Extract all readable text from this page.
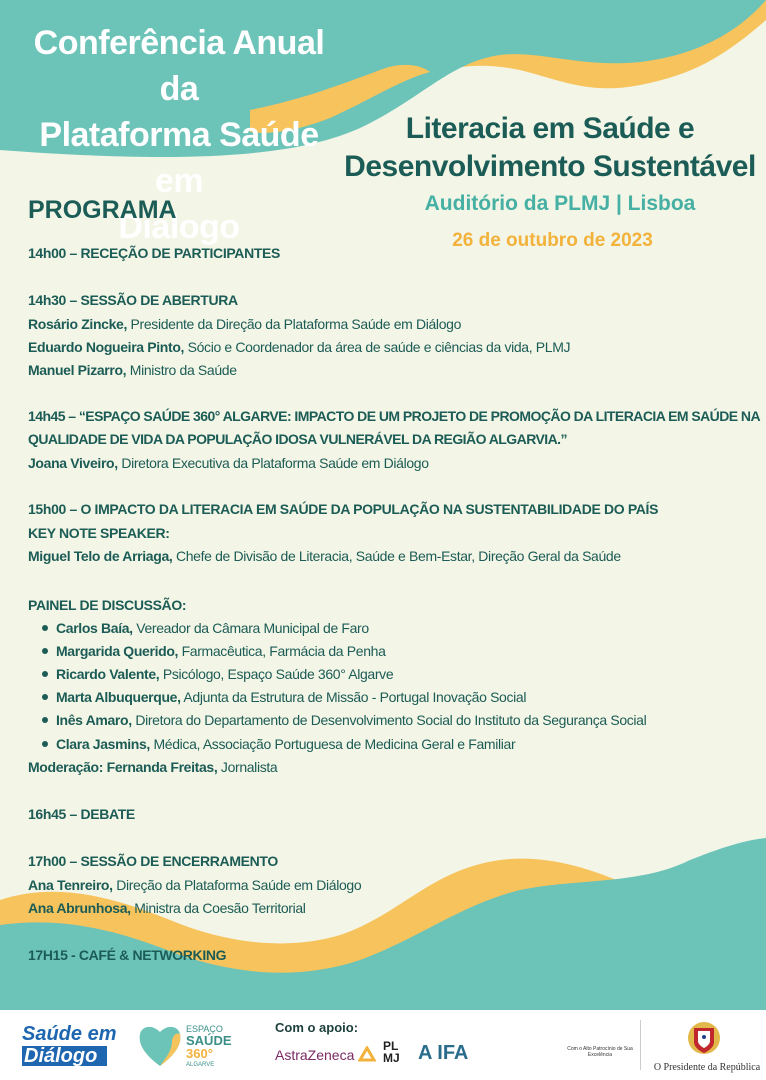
Conferência Anual da
Plataforma Saúde em
Diálogo
Literacia em Saúde e
Desenvolvimento Sustentável
Auditório da PLMJ | Lisboa
26 de outubro de 2023
PROGRAMA
14h00 – RECEÇÃO DE PARTICIPANTES
14h30 – SESSÃO DE ABERTURA
Rosário Zincke, Presidente da Direção da Plataforma Saúde em Diálogo
Eduardo Nogueira Pinto, Sócio e Coordenador da área de saúde e ciências da vida, PLMJ
Manuel Pizarro, Ministro da Saúde
14h45 – “ESPAÇO SAÚDE 360° ALGARVE: IMPACTO DE UM PROJETO DE PROMOÇÃO DA LITERACIA EM SAÚDE NA
QUALIDADE DE VIDA DA POPULAÇÃO IDOSA VULNERÁVEL DA REGIÃO ALGARVIA.”
Joana Viveiro, Diretora Executiva da Plataforma Saúde em Diálogo
15h00 – O IMPACTO DA LITERACIA EM SAÚDE DA POPULAÇÃO NA SUSTENTABILIDADE DO PAÍS
KEY NOTE SPEAKER:
Miguel Telo de Arriaga, Chefe de Divisão de Literacia, Saúde e Bem-Estar, Direção Geral da Saúde
PAINEL DE DISCUSSÃO:
Carlos Baía, Vereador da Câmara Municipal de Faro
Margarida Querido, Farmacêutica, Farmácia da Penha
Ricardo Valente, Psicólogo, Espaço Saúde 360° Algarve
Marta Albuquerque, Adjunta da Estrutura de Missão - Portugal Inovação Social
Inês Amaro, Diretora do Departamento de Desenvolvimento Social do Instituto da Segurança Social
Clara Jasmins, Médica, Associação Portuguesa de Medicina Geral e Familiar
Moderação: Fernanda Freitas, Jornalista
16h45 – DEBATE
17h00 – SESSÃO DE ENCERRAMENTO
Ana Tenreiro, Direção da Plataforma Saúde em Diálogo
Ana Abrunhosa, Ministra da Coesão Territorial
17H15 - CAFÉ & NETWORKING
Saúde em
Diálogo
ESPAÇO
SAÚDE
360°
ALGARVE
Com o apoio:
AstraZeneca
PL
MJ A IFA	Com o Alto Patrocínio de Sua Excelência
O Presidente da República
